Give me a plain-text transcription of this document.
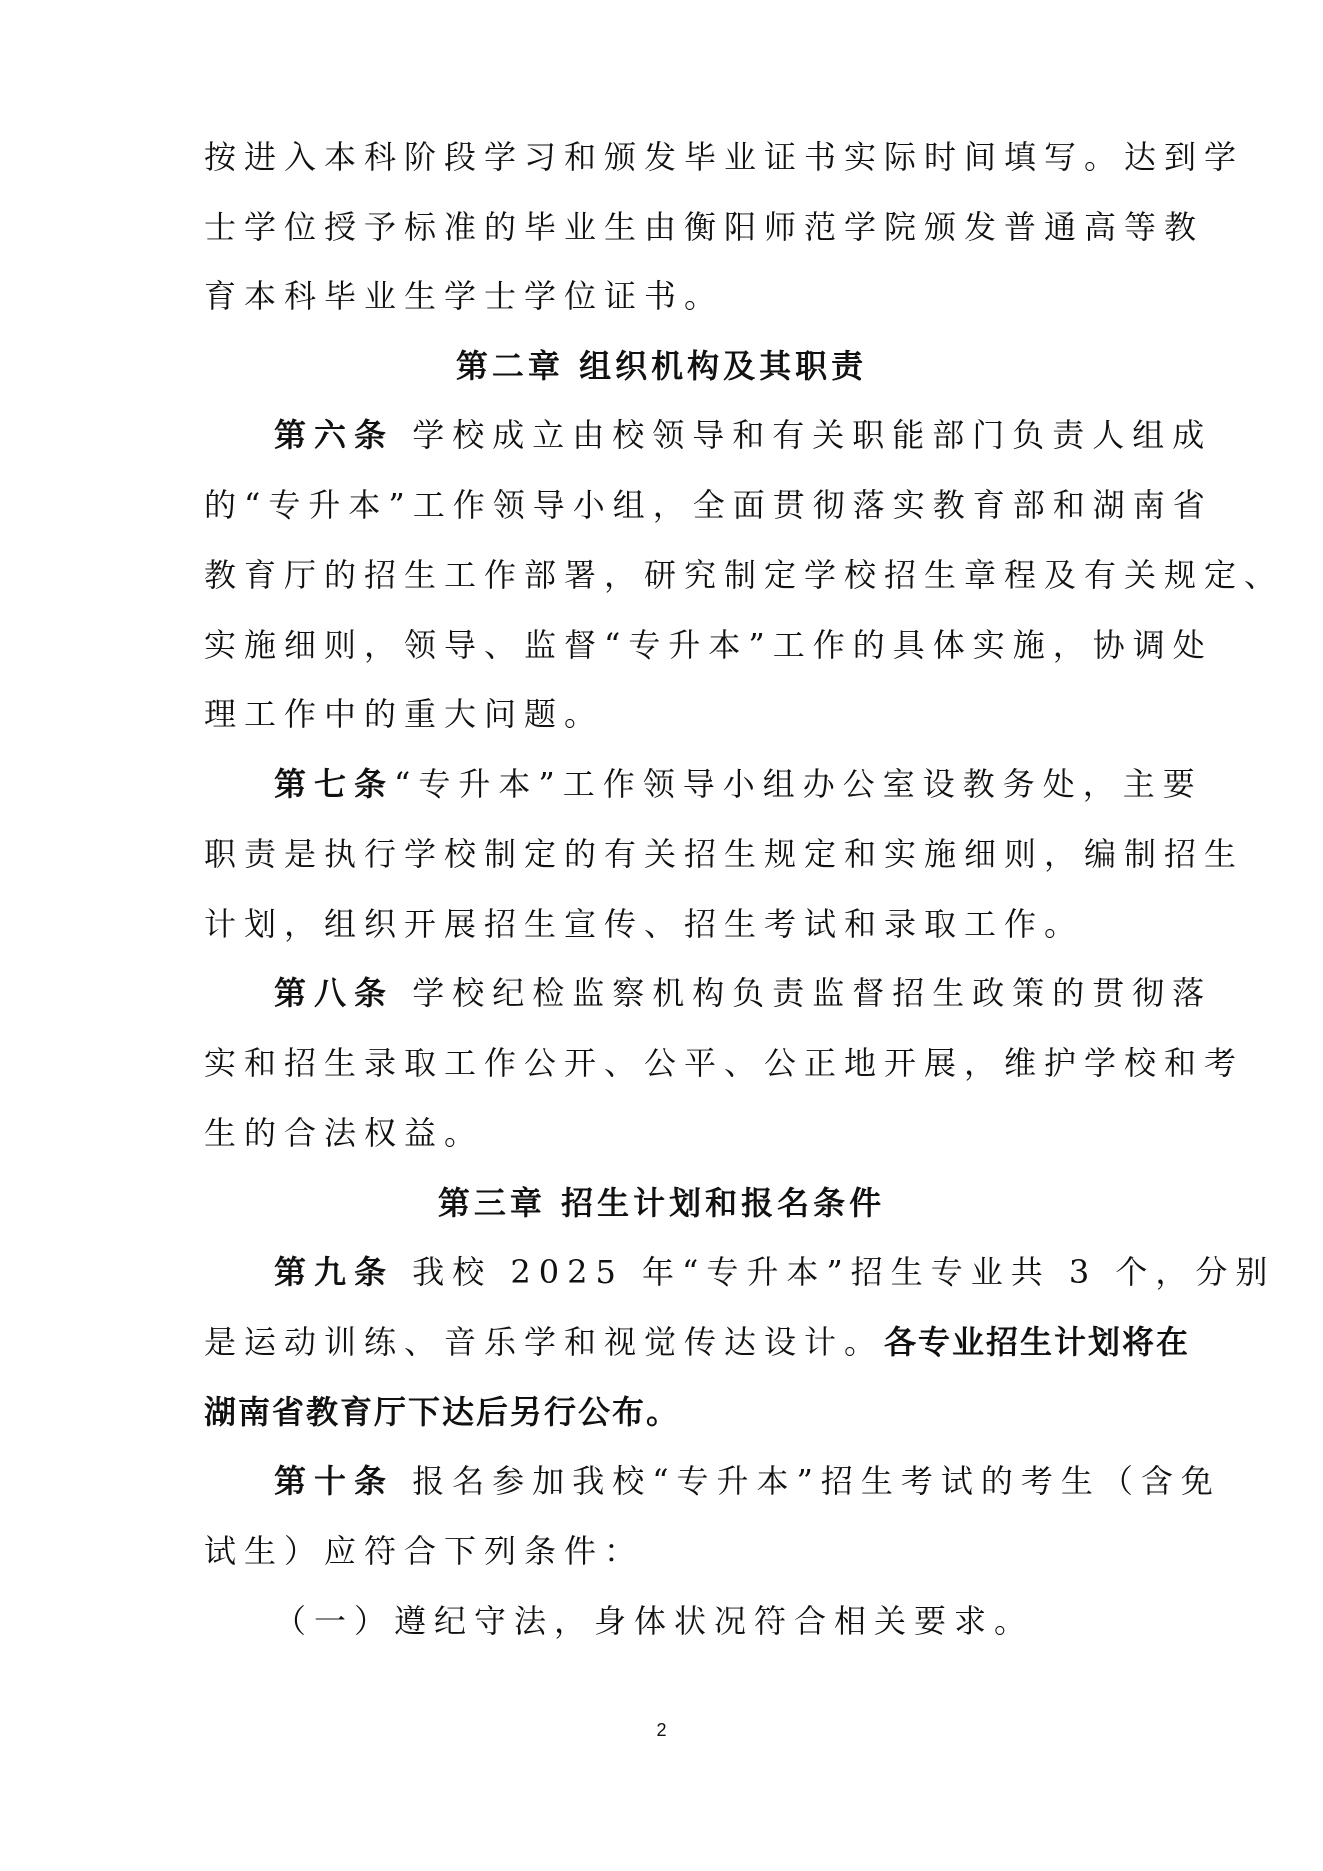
按进入本科阶段学习和颁发毕业证书实际时间填写。达到学
士学位授予标准的毕业生由衡阳师范学院颁发普通高等教
育本科毕业生学士学位证书。
第二章 组织机构及其职责
第六条 学校成立由校领导和有关职能部门负责人组成
的“专升本”工作领导小组，全面贯彻落实教育部和湖南省
教育厅的招生工作部署，研究制定学校招生章程及有关规定、
实施细则，领导、监督“专升本”工作的具体实施，协调处
理工作中的重大问题。
第七条“专升本”工作领导小组办公室设教务处，主要
职责是执行学校制定的有关招生规定和实施细则，编制招生
计划，组织开展招生宣传、招生考试和录取工作。
第八条 学校纪检监察机构负责监督招生政策的贯彻落
实和招生录取工作公开、公平、公正地开展，维护学校和考
生的合法权益。
第三章 招生计划和报名条件
第九条 我校 2025 年“专升本”招生专业共 3 个，分别
是运动训练、音乐学和视觉传达设计。各专业招生计划将在
湖南省教育厅下达后另行公布。
第十条 报名参加我校“专升本”招生考试的考生（含免
试生）应符合下列条件：
（一）遵纪守法，身体状况符合相关要求。
2
